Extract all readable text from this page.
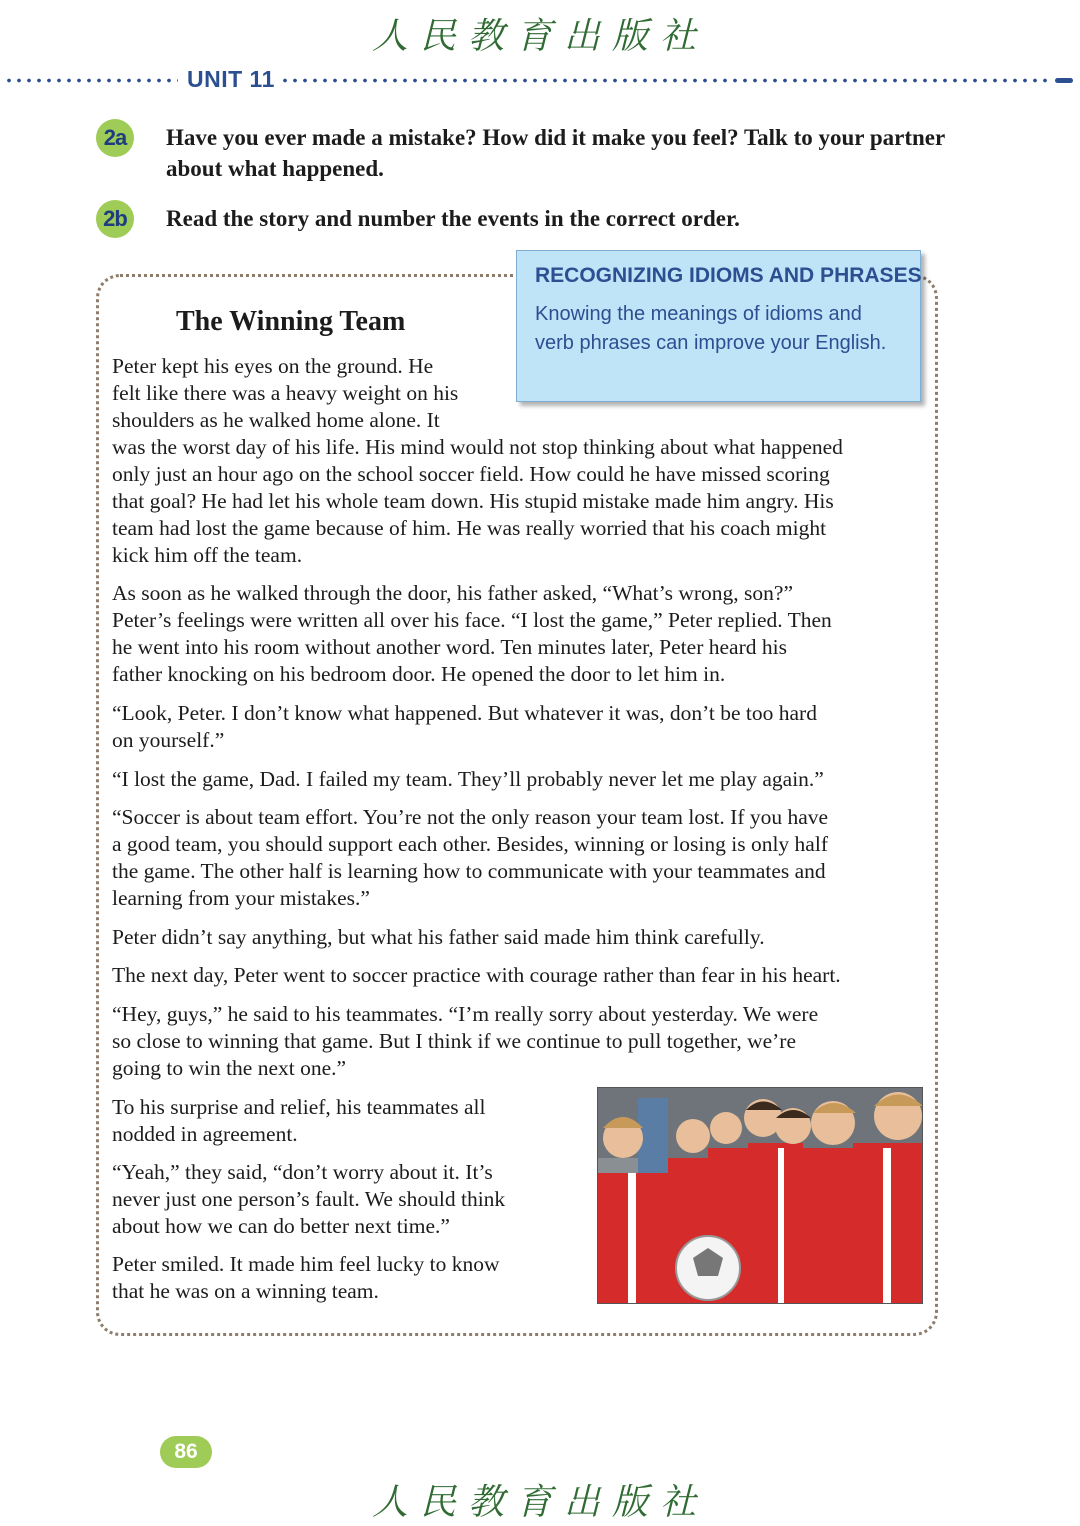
人民教育出版社
UNIT 11
2a	Have you ever made a mistake? How did it make you feel? Talk to your partner about what happened.
2b	Read the story and number the events in the correct order.
RECOGNIZING IDIOMS AND PHRASES
Knowing the meanings of idioms and verb phrases can improve your English.
The Winning Team
Peter kept his eyes on the ground. He
felt like there was a heavy weight on his
shoulders as he walked home alone. It
was the worst day of his life. His mind would not stop thinking about what happened
only just an hour ago on the school soccer field. How could he have missed scoring
that goal? He had let his whole team down. His stupid mistake made him angry. His
team had lost the game because of him. He was really worried that his coach might
kick him off the team.
As soon as he walked through the door, his father asked, “What’s wrong, son?”
Peter’s feelings were written all over his face. “I lost the game,” Peter replied. Then
he went into his room without another word. Ten minutes later, Peter heard his
father knocking on his bedroom door. He opened the door to let him in.
“Look, Peter. I don’t know what happened. But whatever it was, don’t be too hard
on yourself.”
“I lost the game, Dad. I failed my team. They’ll probably never let me play again.”
“Soccer is about team effort. You’re not the only reason your team lost. If you have
a good team, you should support each other. Besides, winning or losing is only half
the game. The other half is learning how to communicate with your teammates and
learning from your mistakes.”
Peter didn’t say anything, but what his father said made him think carefully.
The next day, Peter went to soccer practice with courage rather than fear in his heart.
“Hey, guys,” he said to his teammates. “I’m really sorry about yesterday. We were
so close to winning that game. But I think if we continue to pull together, we’re
going to win the next one.”
To his surprise and relief, his teammates all
nodded in agreement.
“Yeah,” they said, “don’t worry about it. It’s
never just one person’s fault. We should think
about how we can do better next time.”
Peter smiled. It made him feel lucky to know
that he was on a winning team.
86
人民教育出版社
